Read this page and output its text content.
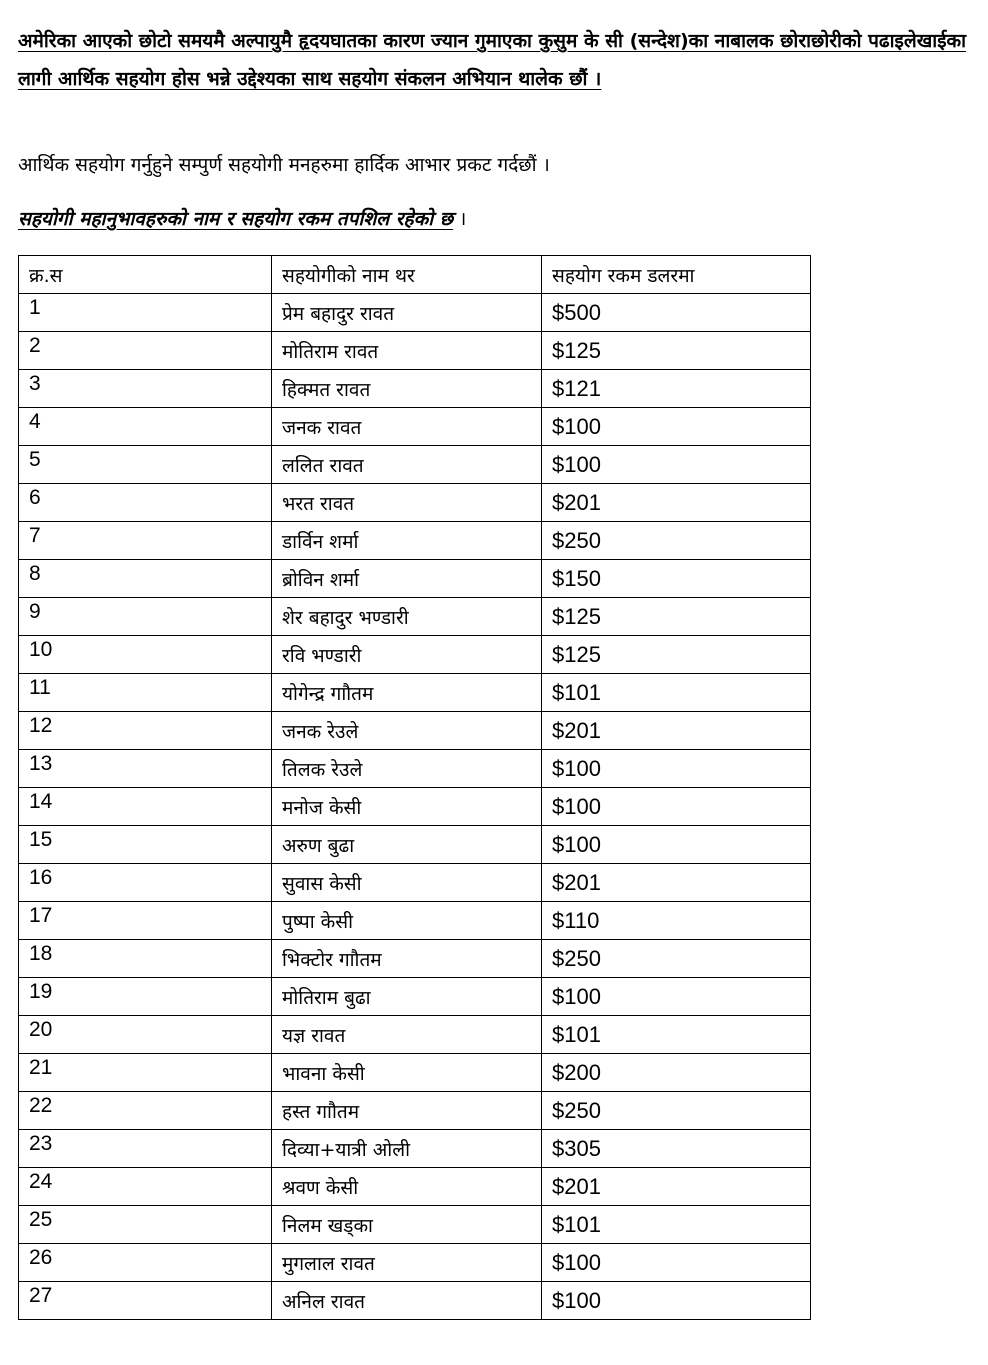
अमेरिका आएको छोटो समयमै अल्पायुमै हृदयघातका कारण ज्यान गुमाएका कुसुम के सी (सन्देश)का नाबालक छोराछोरीको पढाइलेखाईका लागी आर्थिक सहयोग होस भन्ने उद्देश्यका साथ सहयोग संकलन अभियान थालेक छौं ।

आर्थिक सहयोग गर्नुहुने सम्पुर्ण सहयोगी मनहरुमा हार्दिक आभार प्रकट गर्दछौं ।

सहयोगी महानुभावहरुको नाम र सहयोग रकम तपशिल रहेको छ ।

क्र.स	सहयोगीको नाम थर	सहयोग रकम डलरमा
1	प्रेम बहादुर रावत	$500
2	मोतिराम रावत	$125
3	हिक्मत रावत	$121
4	जनक रावत	$100
5	ललित रावत	$100
6	भरत रावत	$201
7	डार्विन शर्मा	$250
8	ब्रोविन शर्मा	$150
9	शेर बहादुर भण्डारी	$125
10	रवि भण्डारी	$125
11	योगेन्द्र गाौतम	$101
12	जनक रेउले	$201
13	तिलक रेउले	$100
14	मनोज केसी	$100
15	अरुण बुढा	$100
16	सुवास केसी	$201
17	पुष्पा केसी	$110
18	भिक्टोर गाौतम	$250
19	मोतिराम बुढा	$100
20	यज्ञ रावत	$101
21	भावना केसी	$200
22	हस्त गाौतम	$250
23	दिव्या+यात्री ओली	$305
24	श्रवण केसी	$201
25	निलम खड्का	$101
26	मुगलाल रावत	$100
27	अनिल रावत	$100
